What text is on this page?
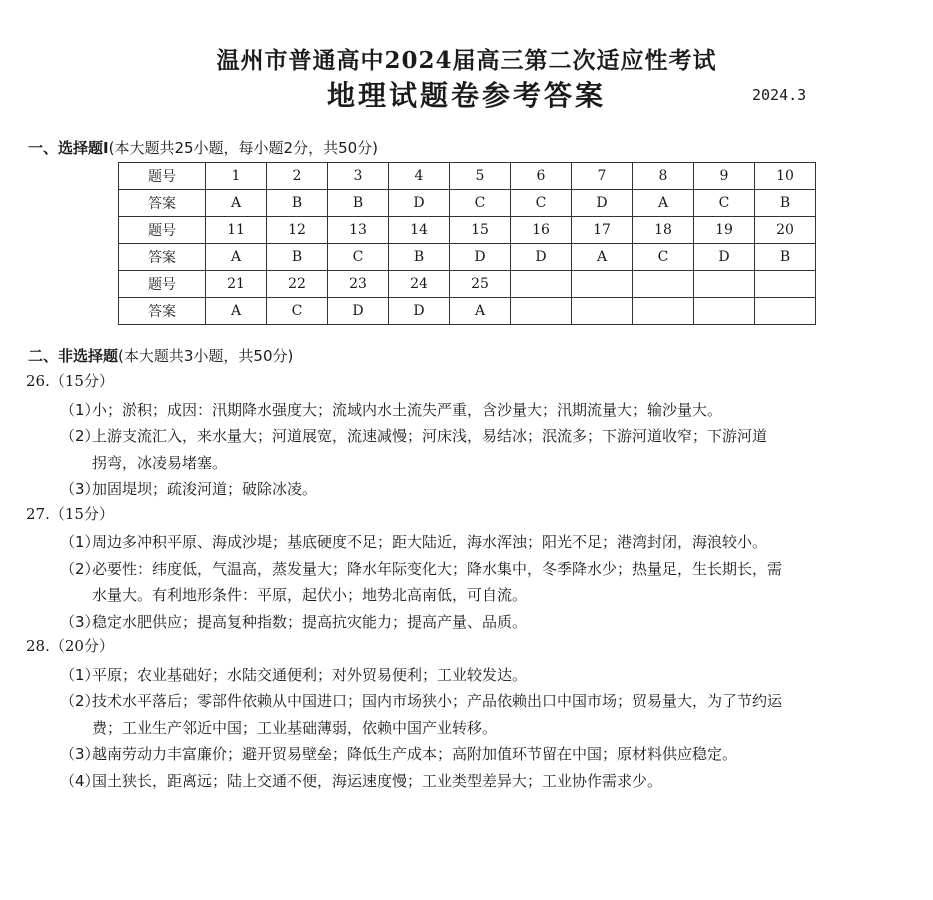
温州市普通高中2024届高三第二次适应性考试
地理试题卷参考答案	2024.3
一、选择题Ⅰ(本大题共25小题，每小题2分，共50分)
题号	1	2	3	4	5	6	7	8	9	10
答案	A	B	B	D	C	C	D	A	C	B
题号	11	12	13	14	15	16	17	18	19	20
答案	A	B	C	B	D	D	A	C	D	B
题号	21	22	23	24	25					
答案	A	C	D	D	A					
二、非选择题(本大题共3小题，共50分)
26.（15分）
（1）
小；淤积；成因：汛期降水强度大；流域内水土流失严重，含沙量大；汛期流量大；输沙量大。
（2）
上游支流汇入，来水量大；河道展宽，流速减慢；河床浅，易结冰；泯流多；下游河道收窄；下游河道
拐弯，冰凌易堵塞。
（3）
加固堤坝；疏浚河道；破除冰凌。
27.（15分）
（1）
周边多冲积平原、海成沙堤；基底硬度不足；距大陆近，海水浑浊；阳光不足；港湾封闭，海浪较小。
（2）
必要性：纬度低，气温高，蒸发量大；降水年际变化大；降水集中，冬季降水少；热量足，生长期长，需
水量大。有利地形条件：平原，起伏小；地势北高南低，可自流。
（3）
稳定水肥供应；提高复种指数；提高抗灾能力；提高产量、品质。
28.（20分）
（1）
平原；农业基础好；水陆交通便利；对外贸易便利；工业较发达。
（2）
技术水平落后；零部件依赖从中国进口；国内市场狭小；产品依赖出口中国市场；贸易量大，为了节约运
费；工业生产邻近中国；工业基础薄弱，依赖中国产业转移。
（3）
越南劳动力丰富廉价；避开贸易壁垒；降低生产成本；高附加值环节留在中国；原材料供应稳定。
（4）
国土狭长，距离远；陆上交通不便，海运速度慢；工业类型差异大；工业协作需求少。
